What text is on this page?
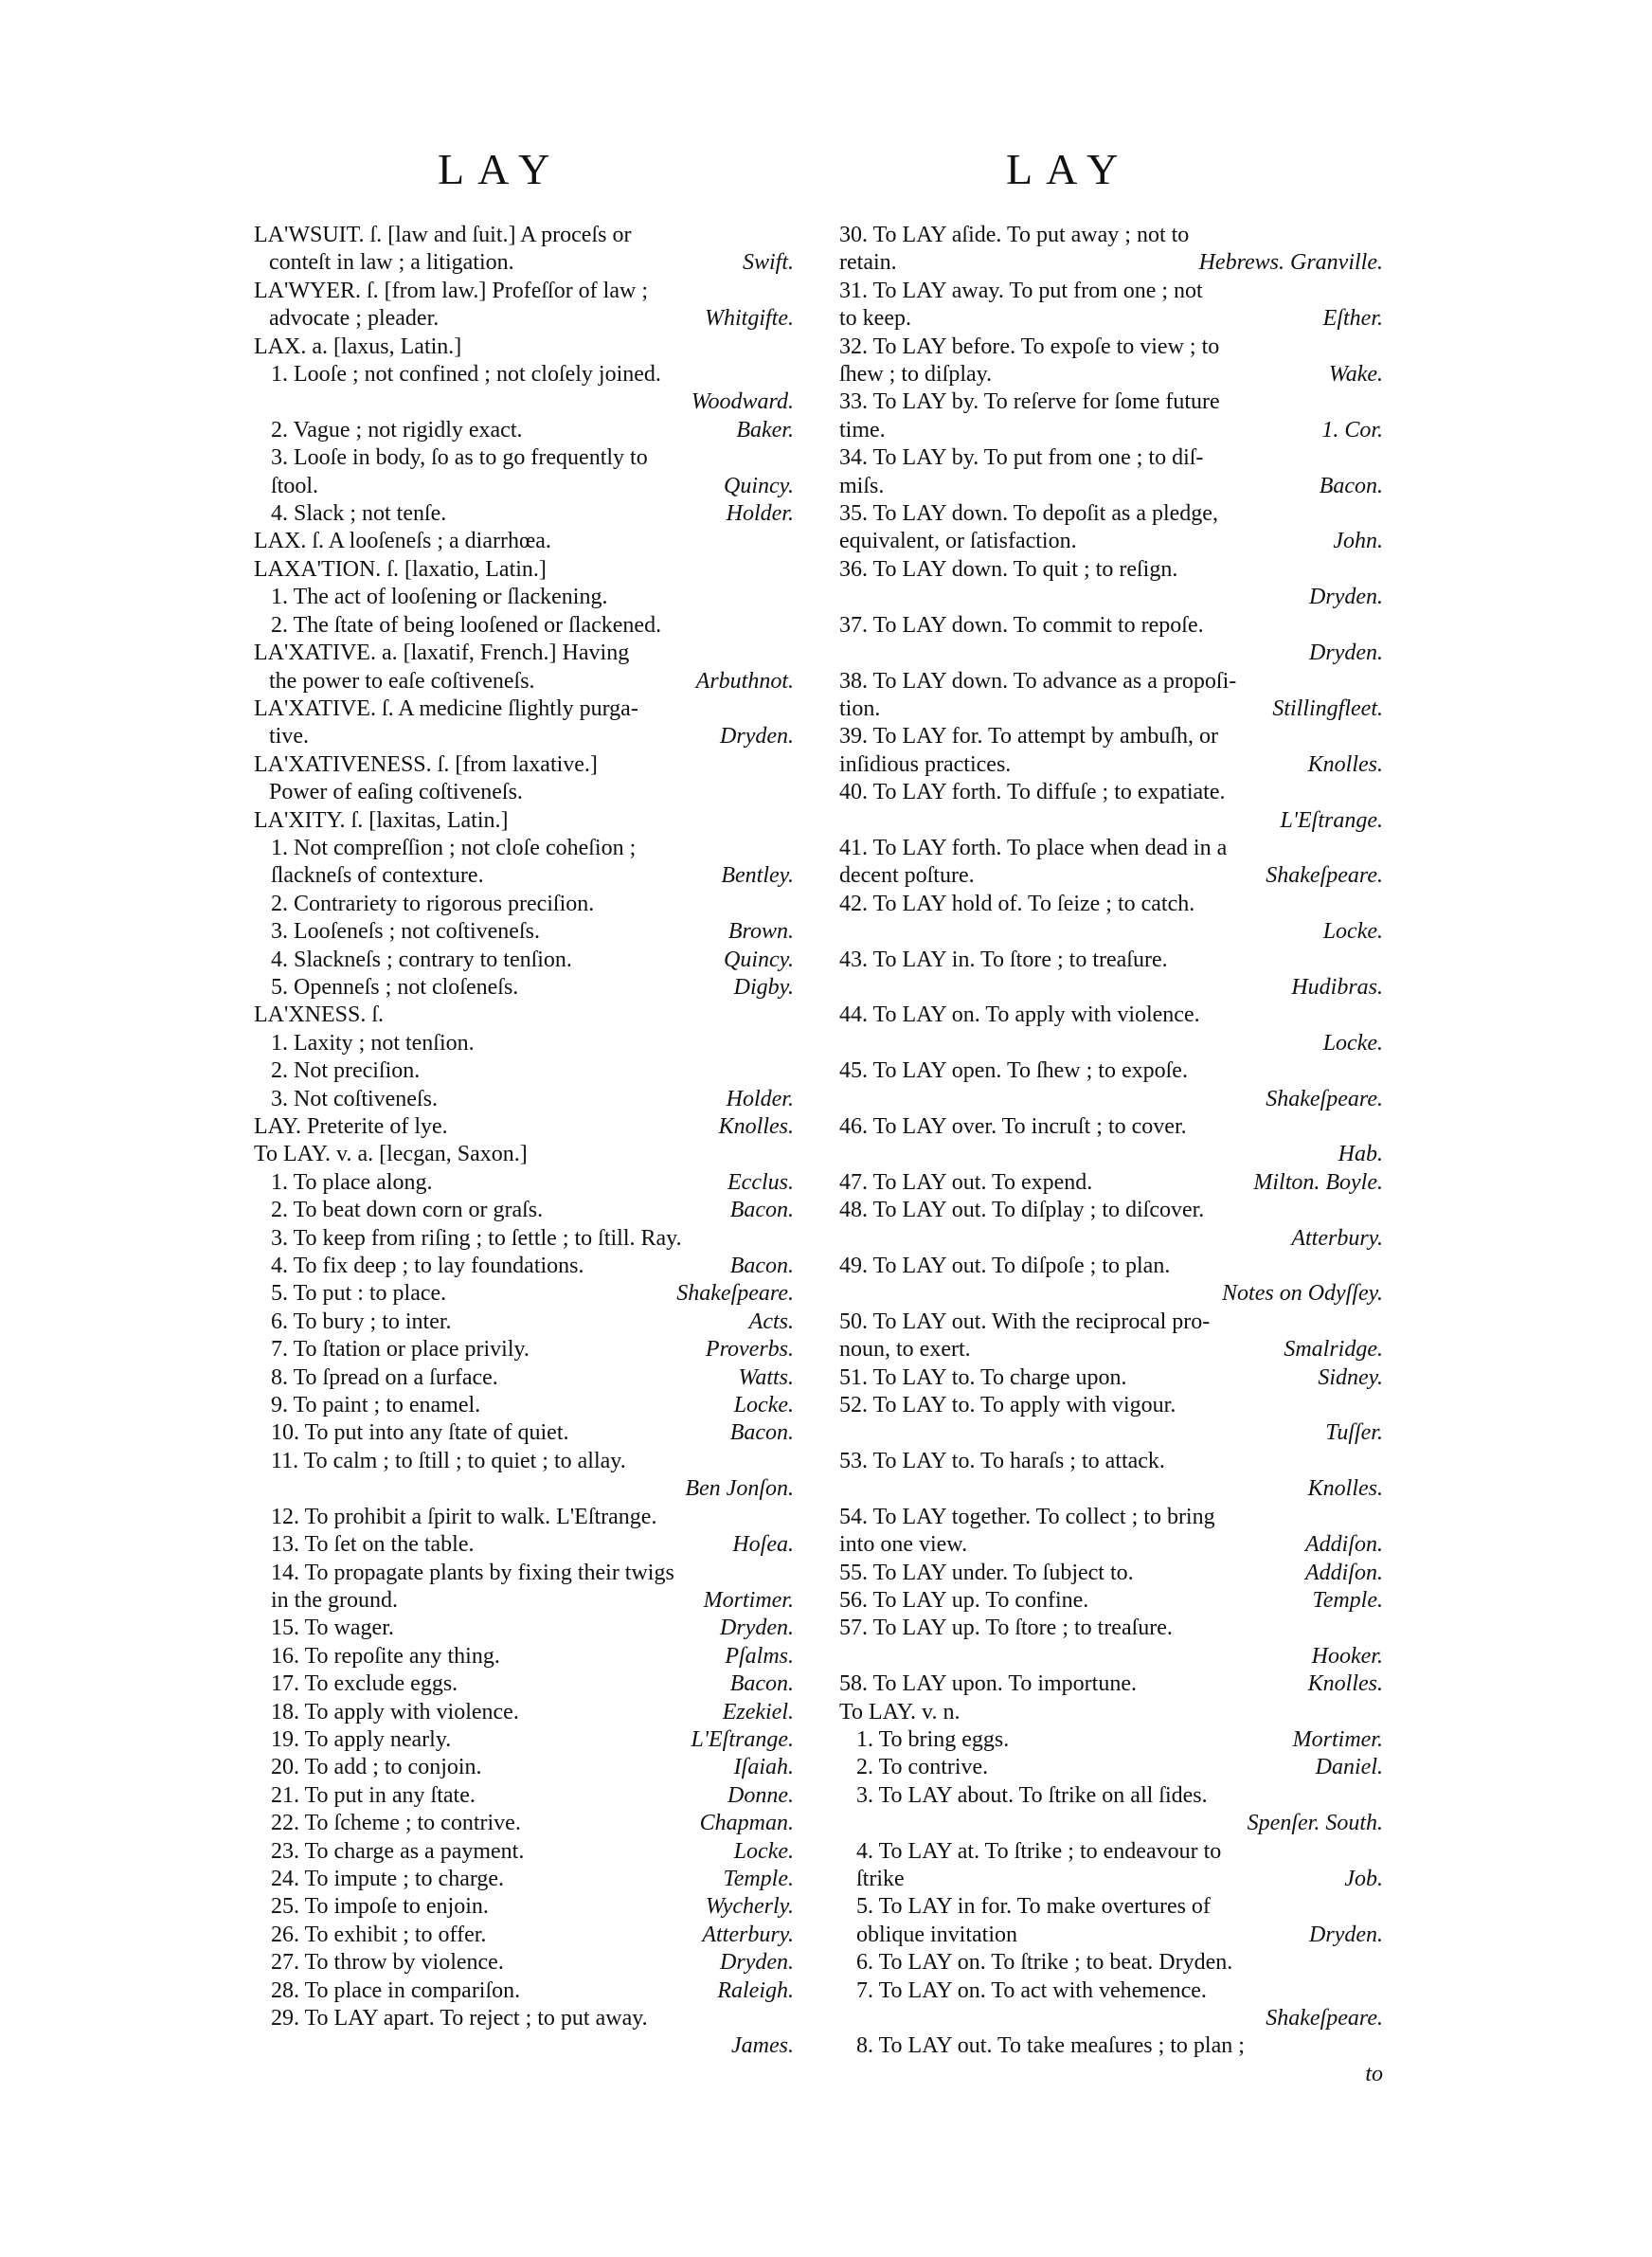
LAY	LAY
LA'WSUIT. ſ. [law and ſuit.] A proceſs or
Swift.
conteſt in law ; a litigation.
LA'WYER. ſ. [from law.] Profeſſor of law ;
Whitgifte.
advocate ; pleader.
LAX. a. [laxus, Latin.]
1. Looſe ; not confined ; not cloſely joined.
Woodward.
Baker.
2. Vague ; not rigidly exact.
3. Looſe in body, ſo as to go frequently to
Quincy.
ſtool.
Holder.
4. Slack ; not tenſe.
LAX. ſ. A looſeneſs ; a diarrhœa.
LAXA'TION. ſ. [laxatio, Latin.]
1. The act of looſening or ſlackening.
2. The ſtate of being looſened or ſlackened.
LA'XATIVE. a. [laxatif, French.] Having
Arbuthnot.
the power to eaſe coſtiveneſs.
LA'XATIVE. ſ. A medicine ſlightly purga-
Dryden.
tive.
LA'XATIVENESS. ſ. [from laxative.]
Power of eaſing coſtiveneſs.
LA'XITY. ſ. [laxitas, Latin.]
1. Not compreſſion ; not cloſe coheſion ;
Bentley.
ſlackneſs of contexture.
2. Contrariety to rigorous preciſion.
Brown.
3. Looſeneſs ; not coſtiveneſs.
Quincy.
4. Slackneſs ; contrary to tenſion.
Digby.
5. Openneſs ; not cloſeneſs.
LA'XNESS. ſ.
1. Laxity ; not tenſion.
2. Not preciſion.
Holder.
3. Not coſtiveneſs.
Knolles.
LAY. Preterite of lye.
To LAY. v. a. [lecgan, Saxon.]
Ecclus.
1. To place along.
Bacon.
2. To beat down corn or graſs.
3. To keep from riſing ; to ſettle ; to ſtill. Ray.
Bacon.
4. To fix deep ; to lay foundations.
Shakeſpeare.
5. To put : to place.
Acts.
6. To bury ; to inter.
Proverbs.
7. To ſtation or place privily.
Watts.
8. To ſpread on a ſurface.
Locke.
9. To paint ; to enamel.
Bacon.
10. To put into any ſtate of quiet.
11. To calm ; to ſtill ; to quiet ; to allay.
Ben Jonſon.
12. To prohibit a ſpirit to walk. L'Eſtrange.
Hoſea.
13. To ſet on the table.
14. To propagate plants by fixing their twigs
Mortimer.
in the ground.
Dryden.
15. To wager.
Pſalms.
16. To repoſite any thing.
Bacon.
17. To exclude eggs.
Ezekiel.
18. To apply with violence.
L'Eſtrange.
19. To apply nearly.
Iſaiah.
20. To add ; to conjoin.
Donne.
21. To put in any ſtate.
Chapman.
22. To ſcheme ; to contrive.
Locke.
23. To charge as a payment.
Temple.
24. To impute ; to charge.
Wycherly.
25. To impoſe to enjoin.
Atterbury.
26. To exhibit ; to offer.
Dryden.
27. To throw by violence.
Raleigh.
28. To place in compariſon.
29. To LAY apart. To reject ; to put away.
James.
30. To LAY aſide. To put away ; not to
Hebrews. Granville.
retain.
31. To LAY away. To put from one ; not
Eſther.
to keep.
32. To LAY before. To expoſe to view ; to
Wake.
ſhew ; to diſplay.
33. To LAY by. To reſerve for ſome future
1. Cor.
time.
34. To LAY by. To put from one ; to diſ-
Bacon.
miſs.
35. To LAY down. To depoſit as a pledge,
John.
equivalent, or ſatisfaction.
36. To LAY down. To quit ; to reſign.
Dryden.
37. To LAY down. To commit to repoſe.
Dryden.
38. To LAY down. To advance as a propoſi-
Stillingfleet.
tion.
39. To LAY for. To attempt by ambuſh, or
Knolles.
inſidious practices.
40. To LAY forth. To diffuſe ; to expatiate.
L'Eſtrange.
41. To LAY forth. To place when dead in a
Shakeſpeare.
decent poſture.
42. To LAY hold of. To ſeize ; to catch.
Locke.
43. To LAY in. To ſtore ; to treaſure.
Hudibras.
44. To LAY on. To apply with violence.
Locke.
45. To LAY open. To ſhew ; to expoſe.
Shakeſpeare.
46. To LAY over. To incruſt ; to cover.
Hab.
Milton. Boyle.
47. To LAY out. To expend.
48. To LAY out. To diſplay ; to diſcover.
Atterbury.
49. To LAY out. To diſpoſe ; to plan.
Notes on Odyſſey.
50. To LAY out. With the reciprocal pro-
Smalridge.
noun, to exert.
Sidney.
51. To LAY to. To charge upon.
52. To LAY to. To apply with vigour.
Tuſſer.
53. To LAY to. To haraſs ; to attack.
Knolles.
54. To LAY together. To collect ; to bring
Addiſon.
into one view.
Addiſon.
55. To LAY under. To ſubject to.
Temple.
56. To LAY up. To confine.
57. To LAY up. To ſtore ; to treaſure.
Hooker.
Knolles.
58. To LAY upon. To importune.
To LAY. v. n.
Mortimer.
1. To bring eggs.
Daniel.
2. To contrive.
3. To LAY about. To ſtrike on all ſides.
Spenſer. South.
4. To LAY at. To ſtrike ; to endeavour to
Job.
ſtrike
5. To LAY in for. To make overtures of
Dryden.
oblique invitation
6. To LAY on. To ſtrike ; to beat. Dryden.
7. To LAY on. To act with vehemence.
Shakeſpeare.
8. To LAY out. To take meaſures ; to plan ;
to
